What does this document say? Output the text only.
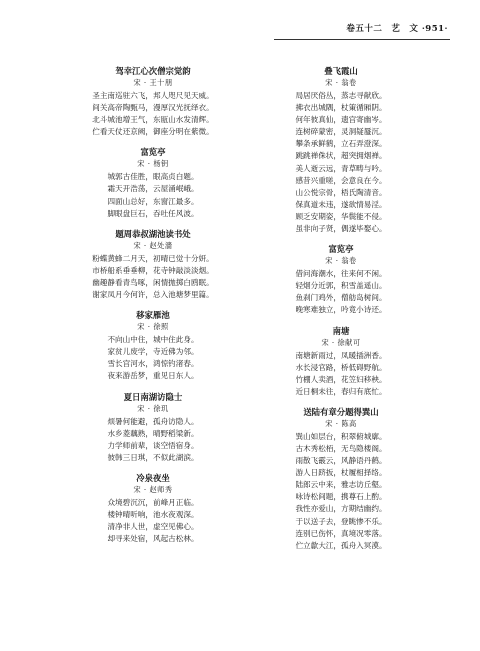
卷五十二　艺　文 ·951·
驾幸江心次僧宗觉韵
宋 · 王十朋
圣主南巡驻六飞，邦人咫尺见天威。
间关高帝陶甄马，漫厚汉光抚绎衣。
北斗城池增王气，东瓯山水发清辉。
伫看天仗还京阙，御座分明在紫微。
富览亭
宋 · 杨钥
城郭古佳胜，眼高贞白题。
霜天开浩荡，云屋涌岷峨。
四面山总好，东窗江最多。
脚眼盘巨石，吞吐任风波。
题周恭叔湖池读书处
宋 · 赵处濇
粉蝶黄蜂二月天，初晴已觉十分妍。
市桥船系垂垂柳，花寺钟敲淡淡烟。
幽趣静看青鸟啄，闲情抛掷白鸥眠。
谢家凤月今何许，总入池塘梦里篇。
移家雁池
宋 · 徐照
不向山中住，城中住此身。
家贫儿废学，寺近佛为邻。
雪长宫河水，鸿惊钓渚春。
夜来游岳梦，重见日东人。
夏日南湖访隐士
宋 · 徐玑
烦暑何能避，孤舟访隐人。
水乡菱藕熟，晴野稻梁新。
力学师前辈，谈空悟宿身。
彼韩三日琪，不似此湖滨。
冷泉夜坐
宋 · 赵师秀
众境碧沉沉，前峰月正临。
楼钟晴听响，池水夜观深。
清净非人世，虚空见佛心。
却寻来处宿，风起古松林。
叠飞霞山
宋 · 翁卷
局居厌俗丛，蒸志寻献欣。
拂衣出城隅，杖策循厢阴。
何年彼真仙，遗宫寄幽岑。
连树碎蒙密，灵洞疑蜃沉。
攀条承鲜鹤，立石弄澄深。
跳跳禅侏状，超突拥烟禅。
美人逝云远，青草畴与吟。
感昔兴重嗟，会意良在今。
山公悦宗骨，梧氏陶清音。
保真道未违，遂欲情易淫。
顾乏安期姿，华鬓能不侵。
虽非向子贤，偶遂毕娶心。
富览亭
宋 · 翁卷
借问海潮水，往来何不闲。
轻烟分近郭，积雪盖遥山。
鱼刹门鸡外，僧舫岛树间。
晚寒难独立，吟竟小诗还。
南塘
宋 · 徐献可
南塘新雨过，凤暖插洲香。
水长浸官路，桥低碍野航。
竹棚人卖酒，花笠妇移秧。
近日桐未往，春归有底忙。
送陆有章分题得巽山
宋 · 陈高
巽山如层台，积翠俯城廓。
古木秀松栢，无鸟隐楼阁。
雨散飞霰云，风静语丹鹤。
游人日跻扳，杖履相择络。
陆郎云中来，雅志访丘壑。
咏诗松间题，携尊石上酌。
我性亦爱山，方期结幽约。
于以送子去，登眺惨不乐。
连别已伤怀，真境况零落。
伫立歙大江，孤舟入冥漠。
